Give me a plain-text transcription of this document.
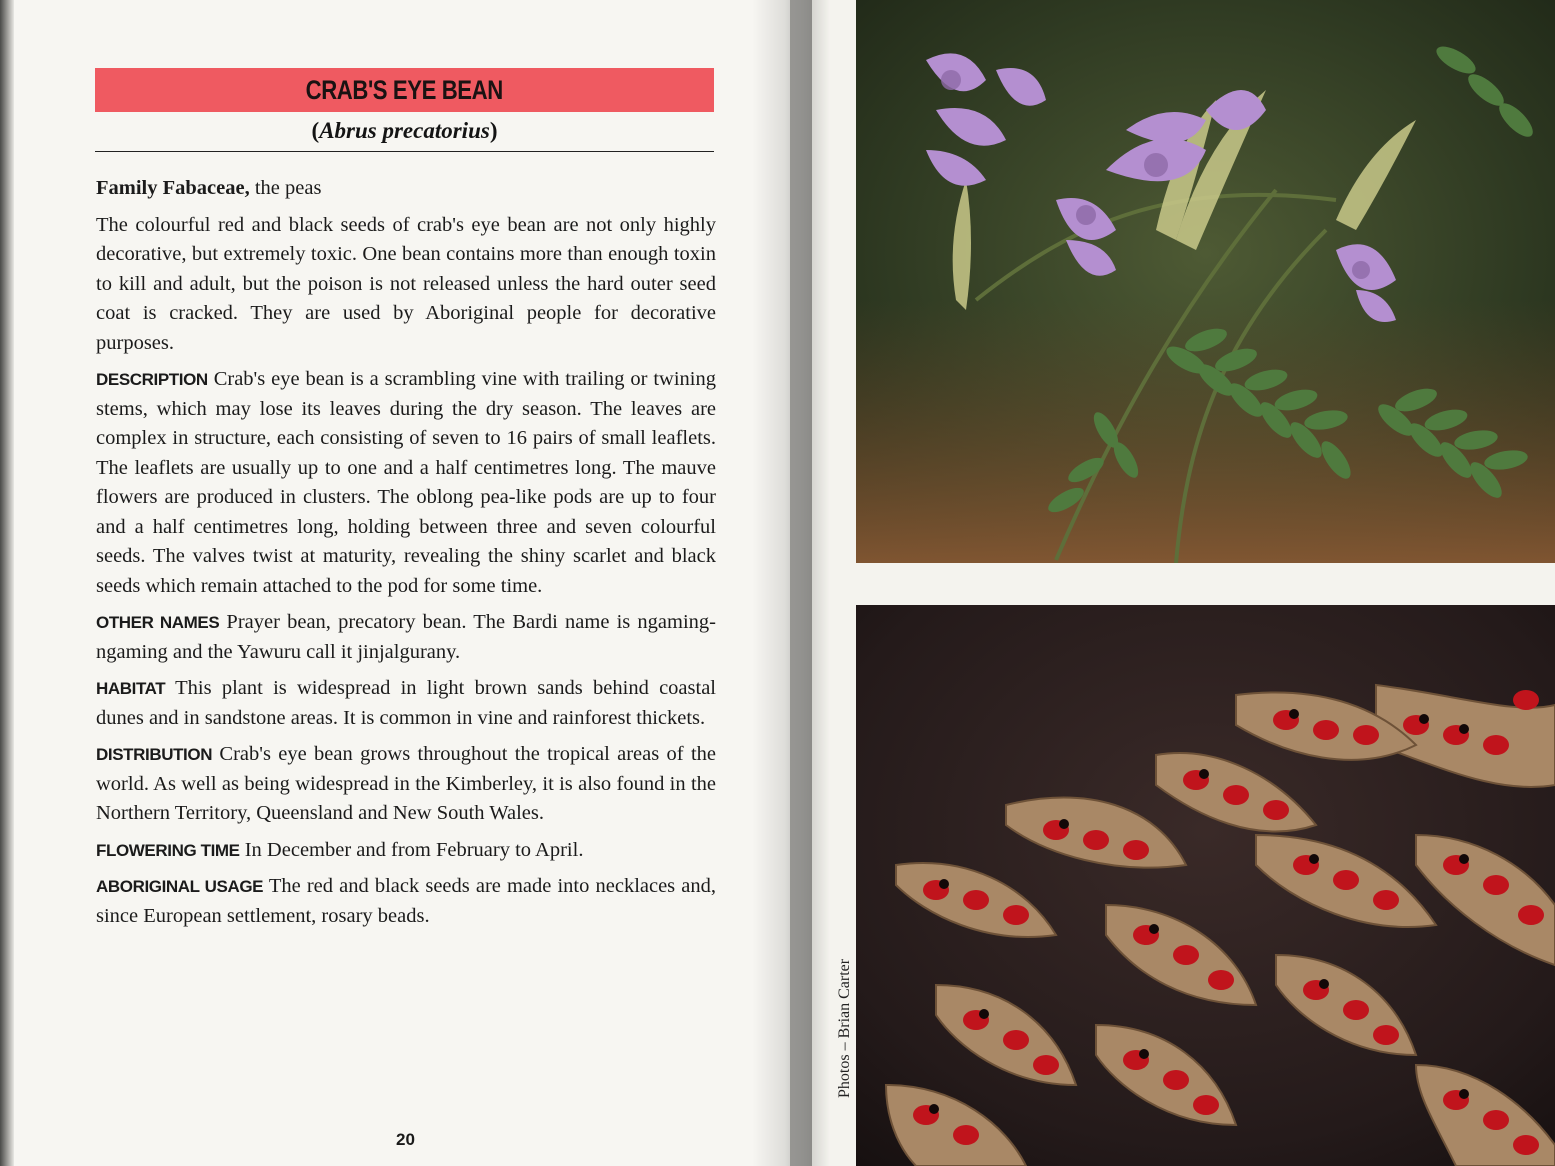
CRAB'S EYE BEAN
(Abrus precatorius)

Family Fabaceae, the peas

The colourful red and black seeds of crab's eye bean are not only highly decorative, but extremely toxic. One bean contains more than enough toxin to kill and adult, but the poison is not released unless the hard outer seed coat is cracked. They are used by Aboriginal people for decorative purposes.

DESCRIPTION Crab's eye bean is a scrambling vine with trailing or twining stems, which may lose its leaves during the dry season. The leaves are complex in structure, each consisting of seven to 16 pairs of small leaflets. The leaflets are usually up to one and a half centimetres long. The mauve flowers are produced in clusters. The oblong pea-like pods are up to four and a half centimetres long, holding between three and seven colourful seeds. The valves twist at maturity, revealing the shiny scarlet and black seeds which remain attached to the pod for some time.

OTHER NAMES Prayer bean, precatory bean. The Bardi name is ngaming-ngaming and the Yawuru call it jinjalgurany.

HABITAT This plant is widespread in light brown sands behind coastal dunes and in sandstone areas. It is common in vine and rainforest thickets.

DISTRIBUTION Crab's eye bean grows throughout the tropical areas of the world. As well as being widespread in the Kimberley, it is also found in the Northern Territory, Queensland and New South Wales.

FLOWERING TIME In December and from February to April.

ABORIGINAL USAGE The red and black seeds are made into necklaces and, since European settlement, rosary beads.

20
Photos – Brian Carter
